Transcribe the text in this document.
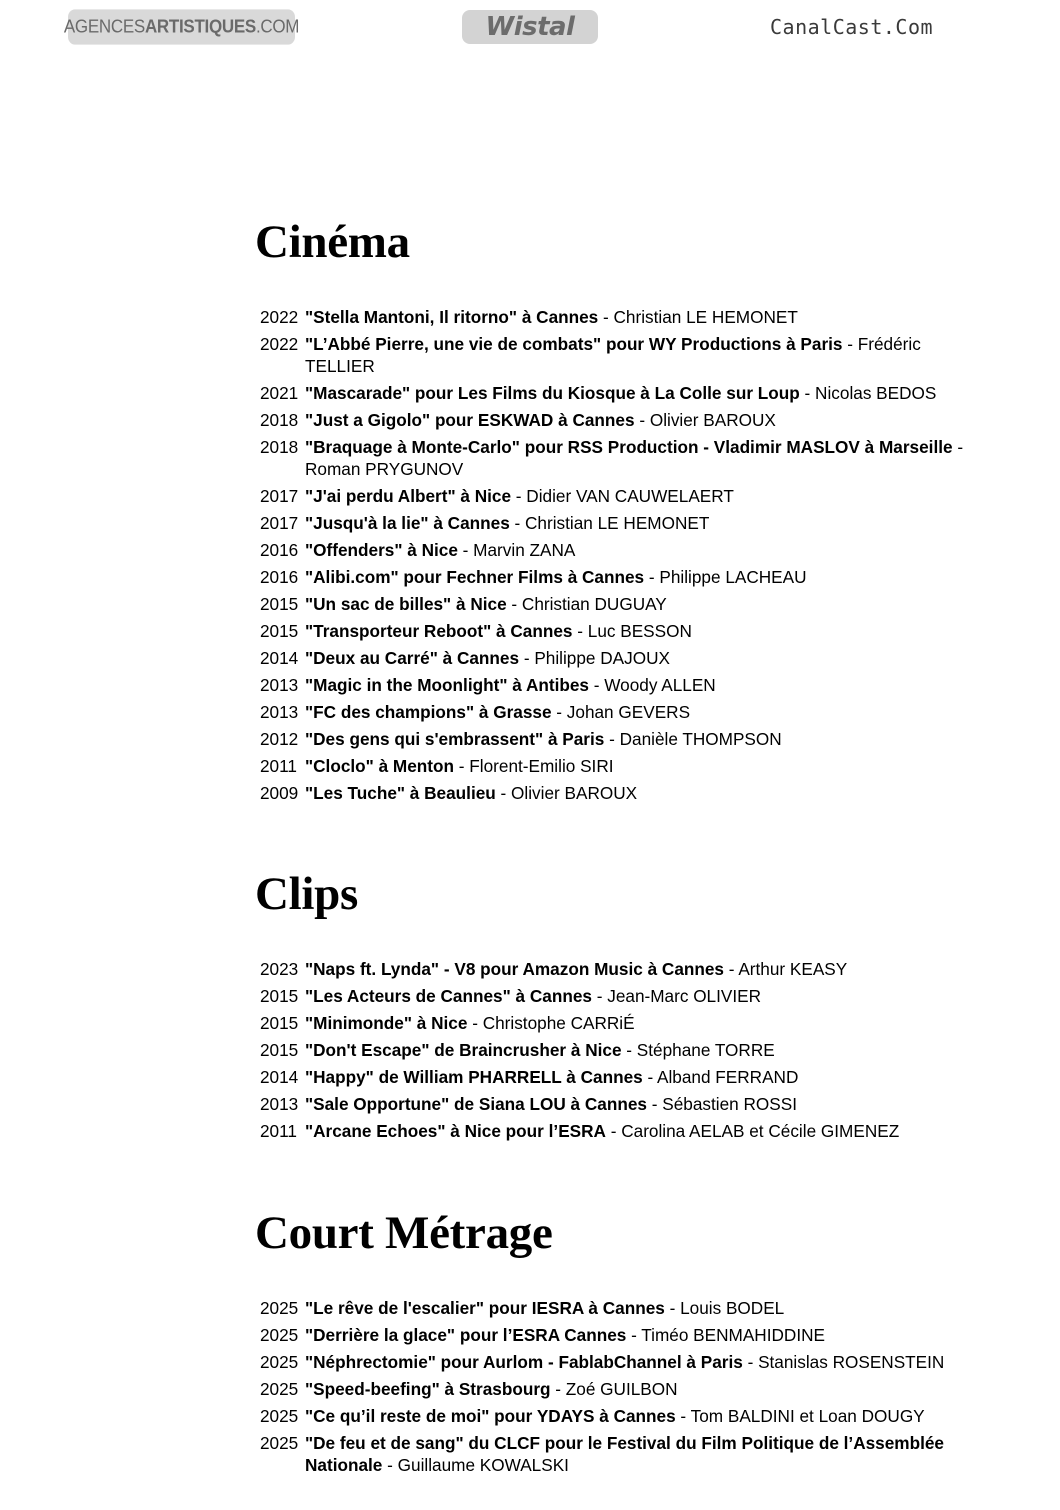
AGENCES ARTISTIQUES .COM	Wistal	CanalCast.Com
Cinéma
2022 "Stella Mantoni, Il ritorno" à Cannes - Christian LE HEMONET
2022 "L’Abbé Pierre, une vie de combats" pour WY Productions à Paris - Frédéric TELLIER
2021 "Mascarade" pour Les Films du Kiosque à La Colle sur Loup - Nicolas BEDOS
2018 "Just a Gigolo" pour ESKWAD à Cannes - Olivier BAROUX
2018 "Braquage à Monte-Carlo" pour RSS Production - Vladimir MASLOV à Marseille - Roman PRYGUNOV
2017 "J'ai perdu Albert" à Nice - Didier VAN CAUWELAERT
2017 "Jusqu'à la lie" à Cannes - Christian LE HEMONET
2016 "Offenders" à Nice - Marvin ZANA
2016 "Alibi.com" pour Fechner Films à Cannes - Philippe LACHEAU
2015 "Un sac de billes" à Nice - Christian DUGUAY
2015 "Transporteur Reboot" à Cannes - Luc BESSON
2014 "Deux au Carré" à Cannes - Philippe DAJOUX
2013 "Magic in the Moonlight" à Antibes - Woody ALLEN
2013 "FC des champions" à Grasse - Johan GEVERS
2012 "Des gens qui s'embrassent" à Paris - Danièle THOMPSON
2011 "Cloclo" à Menton - Florent-Emilio SIRI
2009 "Les Tuche" à Beaulieu - Olivier BAROUX
Clips
2023 "Naps ft. Lynda" - V8 pour Amazon Music à Cannes - Arthur KEASY
2015 "Les Acteurs de Cannes" à Cannes - Jean-Marc OLIVIER
2015 "Minimonde" à Nice - Christophe CARRiÉ
2015 "Don't Escape" de Braincrusher à Nice - Stéphane TORRE
2014 "Happy" de William PHARRELL à Cannes - Alband FERRAND
2013 "Sale Opportune" de Siana LOU à Cannes - Sébastien ROSSI
2011 "Arcane Echoes" à Nice pour l’ESRA - Carolina AELAB et Cécile GIMENEZ
Court Métrage
2025 "Le rêve de l'escalier" pour IESRA à Cannes - Louis BODEL
2025 "Derrière la glace" pour l’ESRA Cannes - Timéo BENMAHIDDINE
2025 "Néphrectomie" pour Aurlom - FablabChannel à Paris - Stanislas ROSENSTEIN
2025 "Speed-beefing" à Strasbourg - Zoé GUILBON
2025 "Ce qu’il reste de moi" pour YDAYS à Cannes - Tom BALDINI et Loan DOUGY
2025 "De feu et de sang" du CLCF pour le Festival du Film Politique de l’Assemblée Nationale - Guillaume KOWALSKI
